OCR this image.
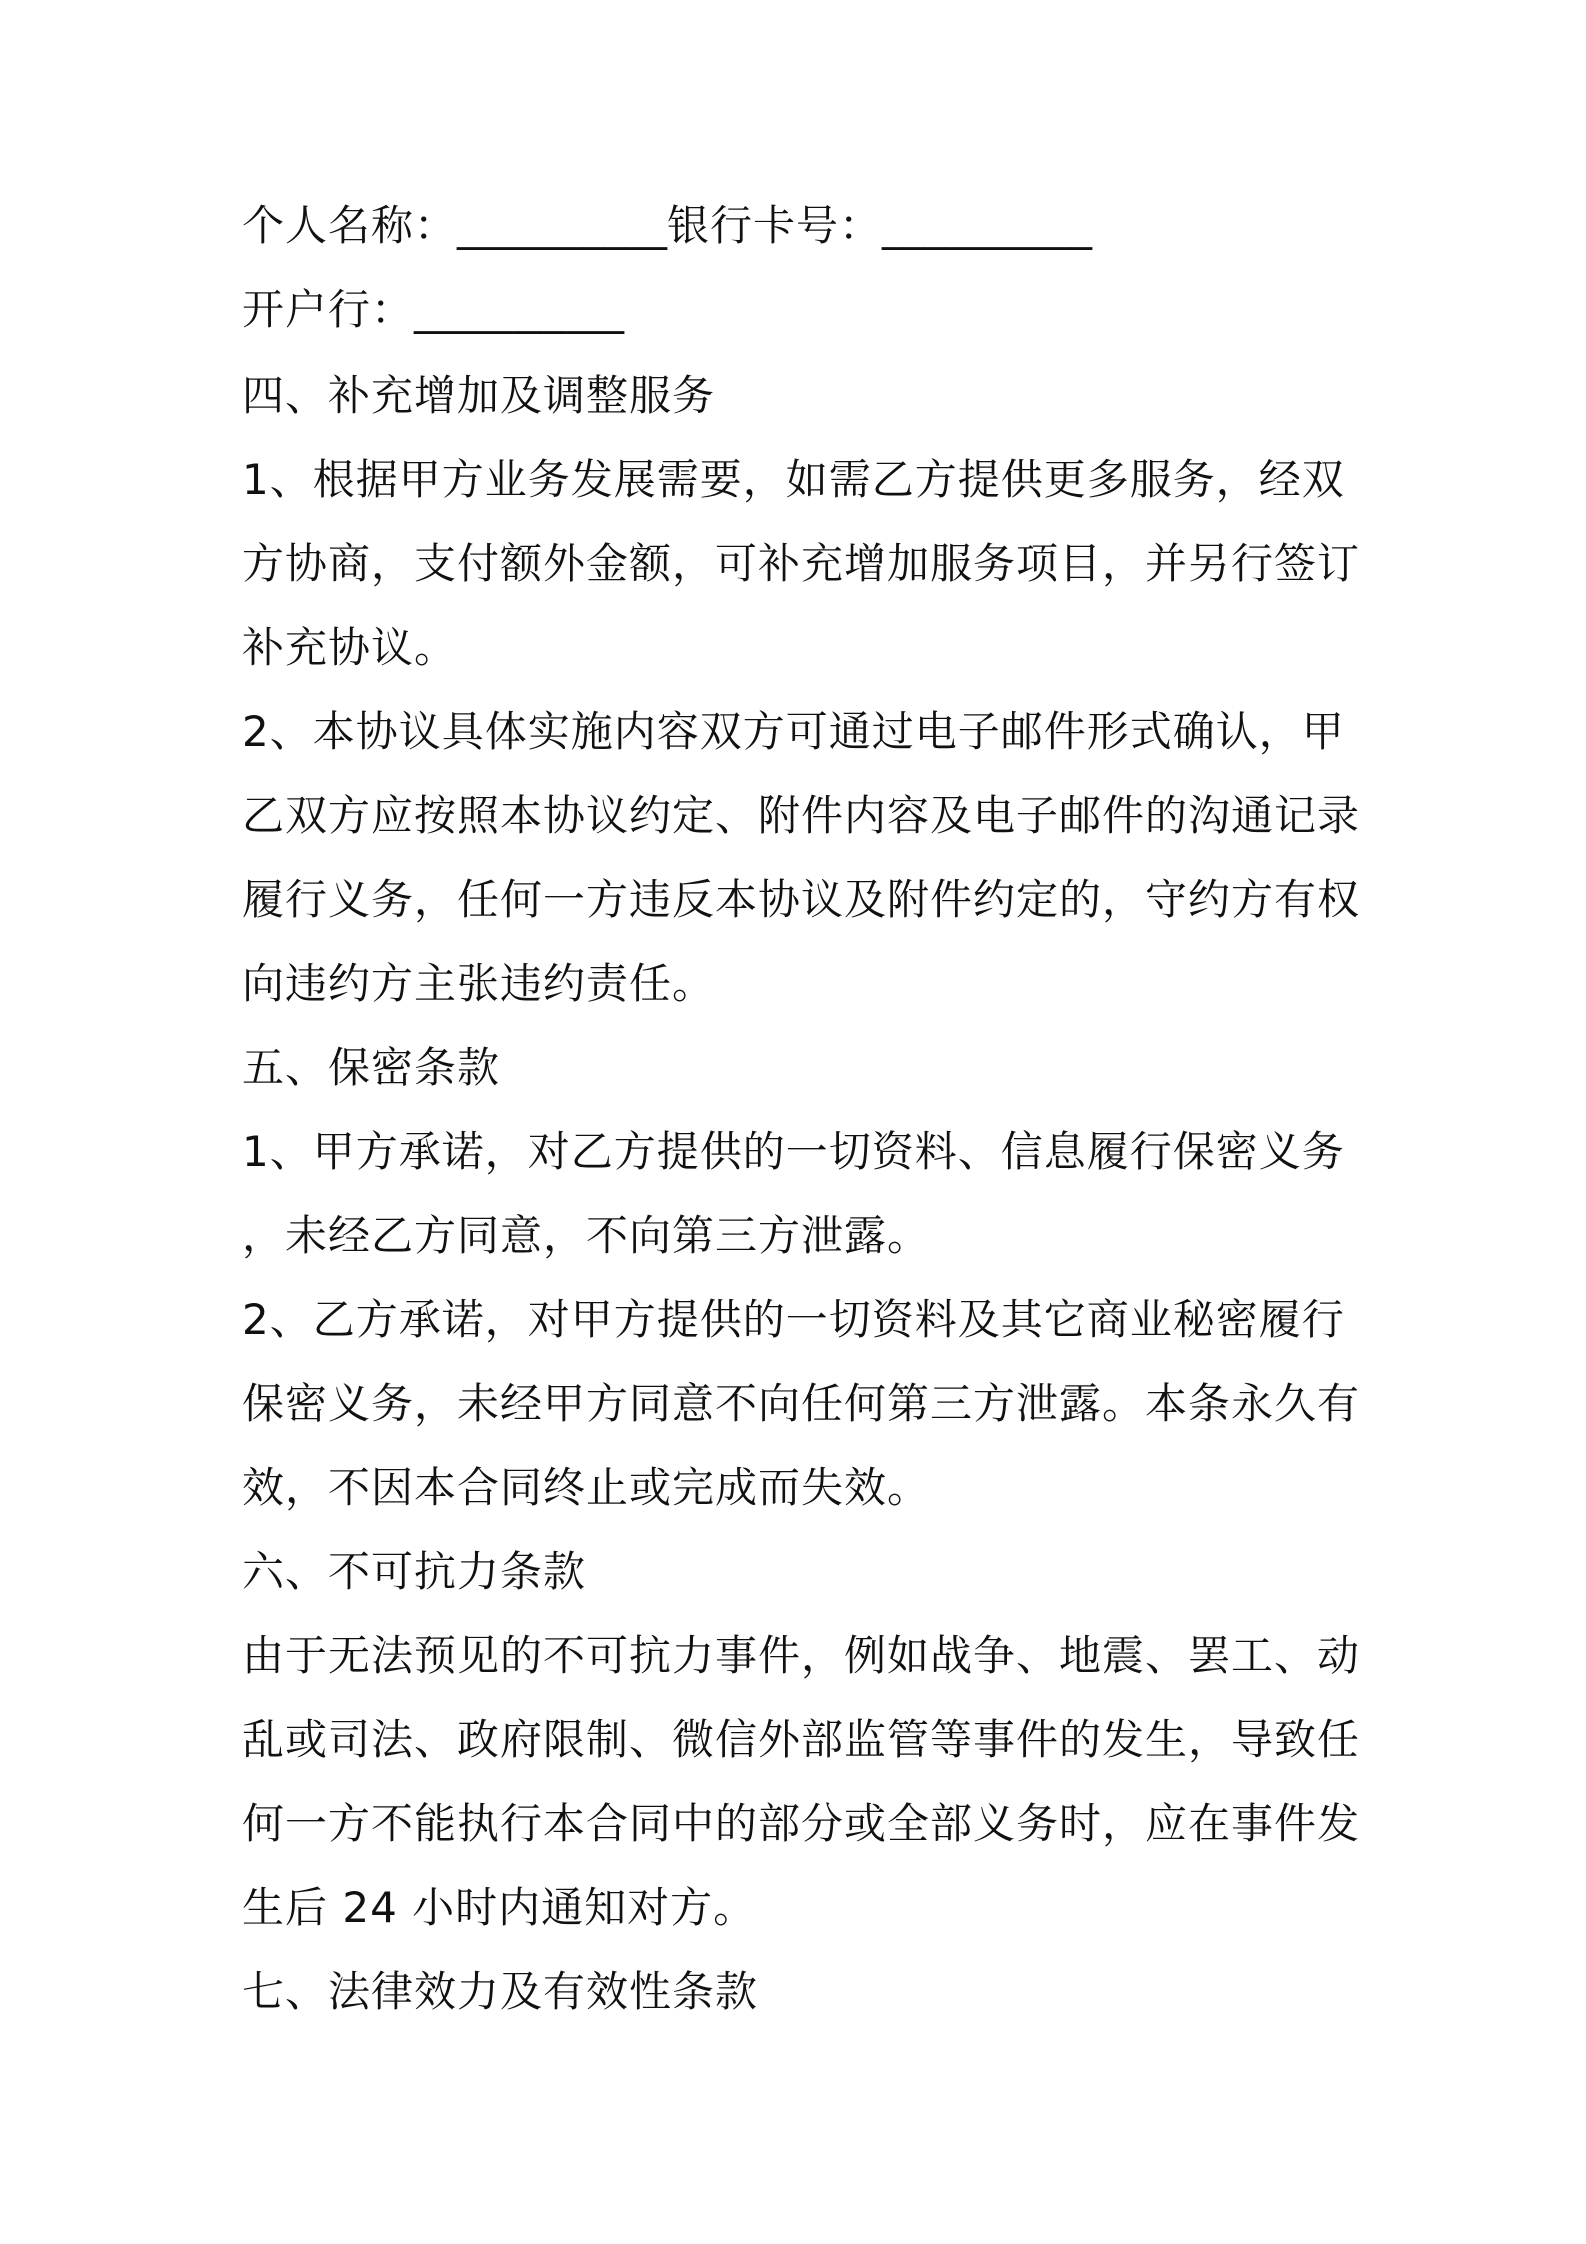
个人名称：__________银行卡号：__________
开户行：__________
四、补充增加及调整服务
1、根据甲方业务发展需要，如需乙方提供更多服务，经双
方协商，支付额外金额，可补充增加服务项目，并另行签订
补充协议。
2、本协议具体实施内容双方可通过电子邮件形式确认，甲
乙双方应按照本协议约定、附件内容及电子邮件的沟通记录
履行义务，任何一方违反本协议及附件约定的，守约方有权
向违约方主张违约责任。
五、保密条款
1、甲方承诺，对乙方提供的一切资料、信息履行保密义务
，未经乙方同意，不向第三方泄露。
2、乙方承诺，对甲方提供的一切资料及其它商业秘密履行
保密义务，未经甲方同意不向任何第三方泄露。本条永久有
效，不因本合同终止或完成而失效。
六、不可抗力条款
由于无法预见的不可抗力事件，例如战争、地震、罢工、动
乱或司法、政府限制、微信外部监管等事件的发生，导致任
何一方不能执行本合同中的部分或全部义务时，应在事件发
生后 24 小时内通知对方。
七、法律效力及有效性条款
